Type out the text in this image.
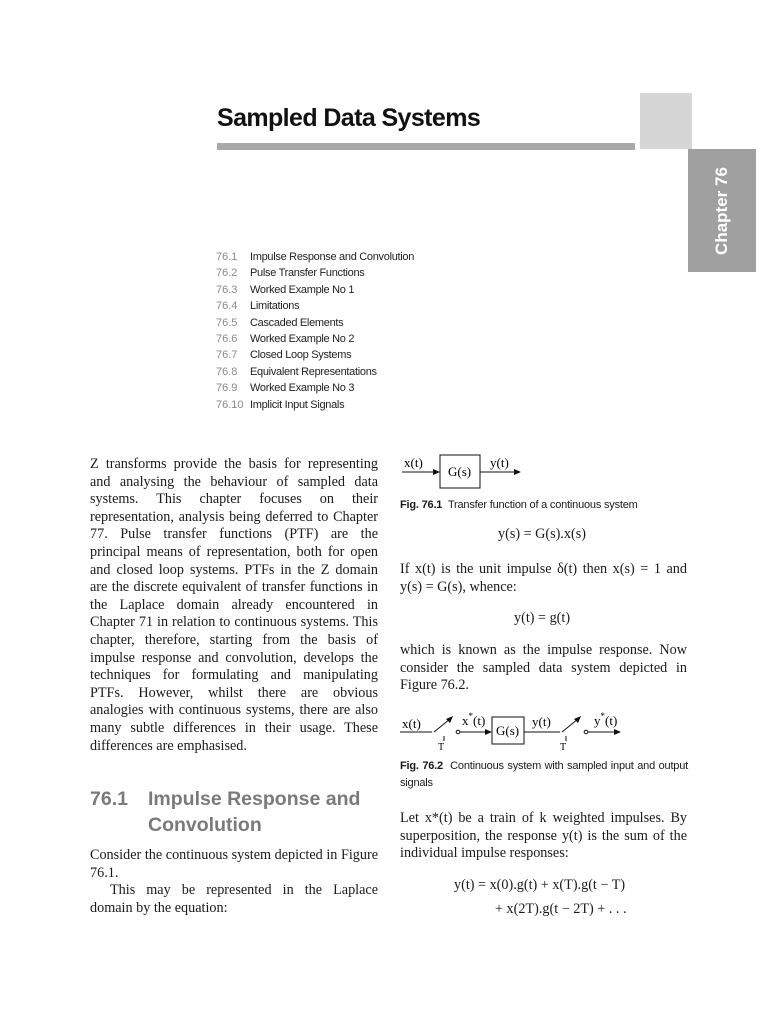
Sampled Data Systems
Chapter 76
76.1	Impulse Response and Convolution
76.2	Pulse Transfer Functions
76.3	Worked Example No 1
76.4	Limitations
76.5	Cascaded Elements
76.6	Worked Example No 2
76.7	Closed Loop Systems
76.8	Equivalent Representations
76.9	Worked Example No 3
76.10 Implicit Input Signals

Z transforms provide the basis for representing and analysing the behaviour of sampled data systems. This chapter focuses on their representation, analysis being deferred to Chapter 77. Pulse transfer functions (PTF) are the principal means of representation, both for open and closed loop systems. PTFs in the Z domain are the discrete equivalent of transfer functions in the Laplace domain already encountered in Chapter 71 in relation to continuous systems. This chapter, therefore, starting from the basis of impulse response and convolution, develops the techniques for formulating and manipulating PTFs. However, whilst there are obvious analogies with continuous systems, there are also many subtle differences in their usage. These differences are emphasised.

76.1 Impulse Response and Convolution

Consider the continuous system depicted in Figure 76.1.

This may be represented in the Laplace domain by the equation:

x(t)
G(s)
y(t)
Fig. 76.1 Transfer function of a continuous system
y(s) = G(s).x(s)

If x(t) is the unit impulse δ(t) then x(s) = 1 and y(s) = G(s), whence:

y(t) = g(t)

which is known as the impulse response. Now consider the sampled data system depicted in Figure 76.2.

x(t)
T
x*(t)
G(s)
y(t)
T
y*(t)
Fig. 76.2 Continuous system with sampled input and output signals

Let x*(t) be a train of k weighted impulses. By superposition, the response y(t) is the sum of the individual impulse responses:

y(t) = x(0).g(t) + x(T).g(t − T)
+ x(2T).g(t − 2T) + . . .
